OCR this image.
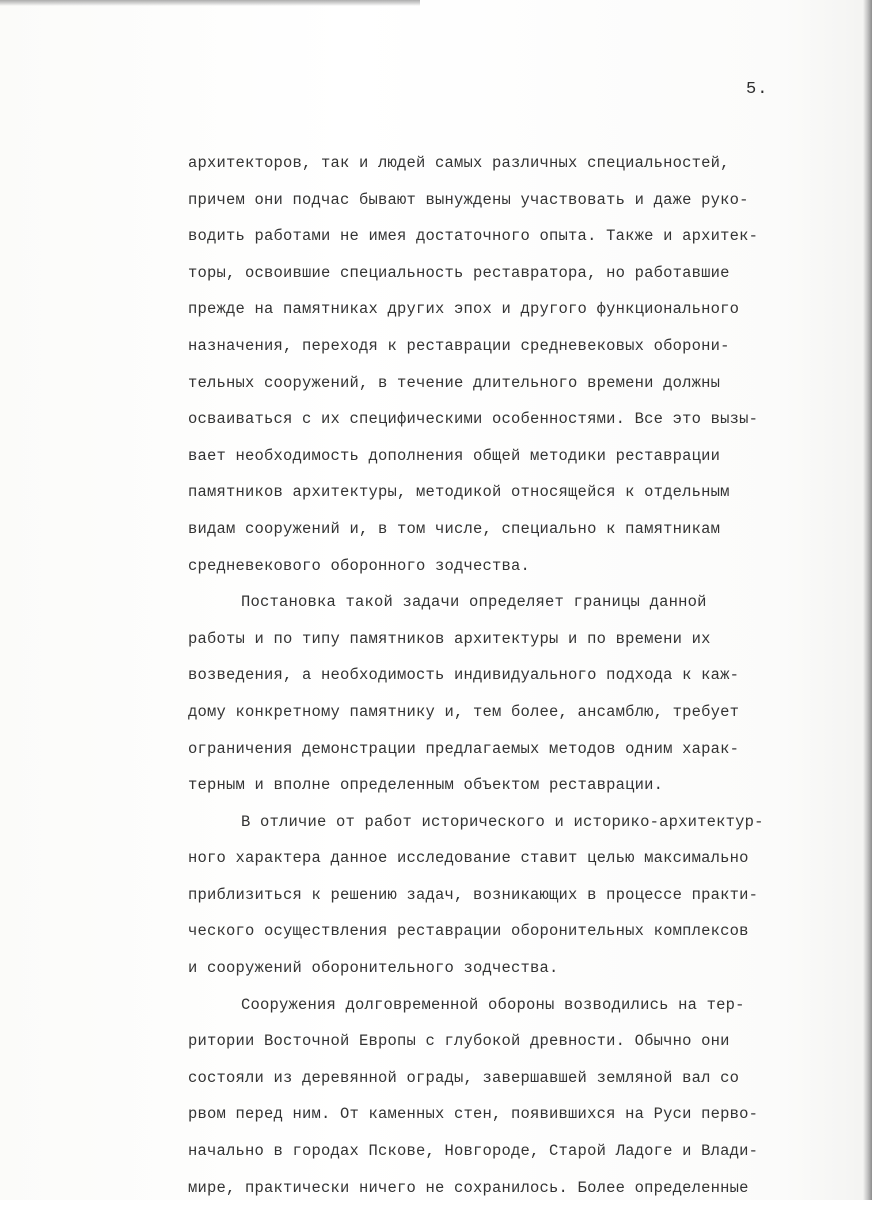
5.
архитекторов, так и людей самых различных специальностей,
причем они подчас бывают вынуждены участвовать и даже руко-
водить работами не имея достаточного опыта. Также и архитек-
торы, освоившие специальность реставратора, но работавшие
прежде на памятниках других эпох и другого функционального
назначения, переходя к реставрации средневековых оборони-
тельных сооружений, в течение длительного времени должны
осваиваться с их специфическими особенностями. Все это вызы-
вает необходимость дополнения общей методики реставрации
памятников архитектуры, методикой относящейся к отдельным
видам сооружений и, в том числе, специально к памятникам
средневекового оборонного зодчества.
Постановка такой задачи определяет границы данной
работы и по типу памятников архитектуры и по времени их
возведения, а необходимость индивидуального подхода к каж-
дому конкретному памятнику и, тем более, ансамблю, требует
ограничения демонстрации предлагаемых методов одним харак-
терным и вполне определенным объектом реставрации.
В отличие от работ исторического и историко-архитектур-
ного характера данное исследование ставит целью максимально
приблизиться к решению задач, возникающих в процессе практи-
ческого осуществления реставрации оборонительных комплексов
и сооружений оборонительного зодчества.
Сооружения долговременной обороны возводились на тер-
ритории Восточной Европы с глубокой древности. Обычно они
состояли из деревянной ограды, завершавшей земляной вал со
рвом перед ним. От каменных стен, появившихся на Руси перво-
начально в городах Пскове, Новгороде, Старой Ладоге и Влади-
мире, практически ничего не сохранилось. Более определенные
